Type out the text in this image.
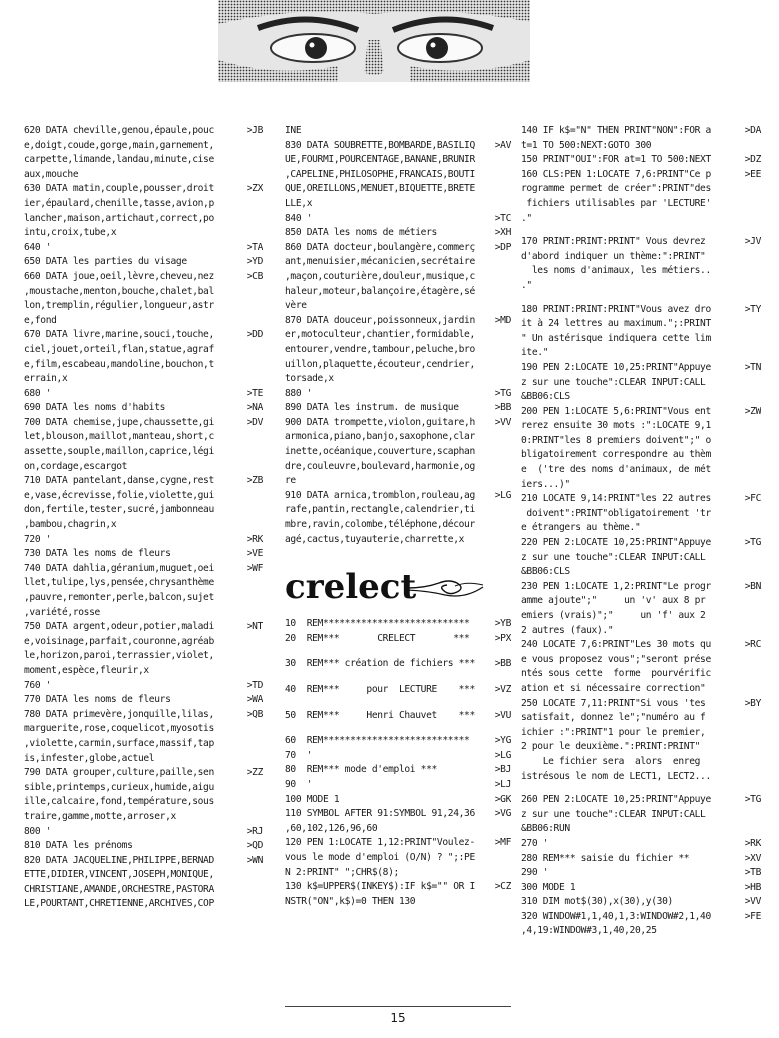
620 DATA cheville,genou,épaule,pouc	>JB
e,doigt,coude,gorge,main,garnement,
carpette,limande,landau,minute,cise
aux,mouche
630 DATA matin,couple,pousser,droit	>ZX
ier,épaulard,chenille,tasse,avion,p
lancher,maison,artichaut,correct,po
intu,croix,tube,x
640 '	>TA
650 DATA les parties du visage	>YD
660 DATA joue,oeil,lèvre,cheveu,nez	>CB
,moustache,menton,bouche,chalet,bal
lon,tremplin,régulier,longueur,astr
e,fond
670 DATA livre,marine,souci,touche,	>DD
ciel,jouet,orteil,flan,statue,agraf
e,film,escabeau,mandoline,bouchon,t
errain,x
680 '	>TE
690 DATA les noms d'habits	>NA
700 DATA chemise,jupe,chaussette,gi	>DV
let,blouson,maillot,manteau,short,c
assette,souple,maillon,caprice,légi
on,cordage,escargot
710 DATA pantelant,danse,cygne,rest	>ZB
e,vase,écrevisse,folie,violette,gui
don,fertile,tester,sucré,jambonneau
,bambou,chagrin,x
720 '	>RK
730 DATA les noms de fleurs	>VE
740 DATA dahlia,géranium,muguet,oei	>WF
llet,tulipe,lys,pensée,chrysanthème
,pauvre,remonter,perle,balcon,sujet
,variété,rosse
750 DATA argent,odeur,potier,maladi	>NT
e,voisinage,parfait,couronne,agréab
le,horizon,paroi,terrassier,violet,
moment,espèce,fleurir,x
760 '	>TD
770 DATA les noms de fleurs	>WA
780 DATA primevère,jonquille,lilas,	>QB
marguerite,rose,coquelicot,myosotis
,violette,carmin,surface,massif,tap
is,infester,globe,actuel
790 DATA grouper,culture,paille,sen	>ZZ
sible,printemps,curieux,humide,aigu
ille,calcaire,fond,température,sous
traire,gamme,motte,arroser,x
800 '	>RJ
810 DATA les prénoms	>QD
820 DATA JACQUELINE,PHILIPPE,BERNAD	>WN
ETTE,DIDIER,VINCENT,JOSEPH,MONIQUE,
CHRISTIANE,AMANDE,ORCHESTRE,PASTORA
LE,POURTANT,CHRETIENNE,ARCHIVES,COP
INE
830 DATA SOUBRETTE,BOMBARDE,BASILIQ	>AV
UE,FOURMI,POURCENTAGE,BANANE,BRUNIR
,CAPELINE,PHILOSOPHE,FRANCAIS,BOUTI
QUE,OREILLONS,MENUET,BIQUETTE,BRETE
LLE,x
840 '	>TC
850 DATA les noms de métiers	>XH
860 DATA docteur,boulangère,commerç	>DP
ant,menuisier,mécanicien,secrétaire
,maçon,couturière,douleur,musique,c
haleur,moteur,balançoire,étagère,sé
vère
870 DATA douceur,poissonneux,jardin	>MD
er,motoculteur,chantier,formidable,
entourer,vendre,tambour,peluche,bro
uillon,plaquette,écouteur,cendrier,
torsade,x
880 '	>TG
890 DATA les instrum. de musique	>BB
900 DATA trompette,violon,guitare,h	>VV
armonica,piano,banjo,saxophone,clar
inette,océanique,couverture,scaphan
dre,couleuvre,boulevard,harmonie,og
re
910 DATA arnica,tromblon,rouleau,ag	>LG
rafe,pantin,rectangle,calendrier,ti
mbre,ravin,colombe,téléphone,décour
agé,cactus,tuyauterie,charrette,x
crelect
10  REM***************************	>YB
20  REM***       CRELECT       ***	>PX
30  REM*** création de fichiers ***	>BB
40  REM***     pour  LECTURE    ***	>VZ
50  REM***     Henri Chauvet    ***	>VU
60  REM***************************	>YG
70  '	>LG
80  REM*** mode d'emploi ***	>BJ
90  '	>LJ
100 MODE 1	>GK
110 SYMBOL AFTER 91:SYMBOL 91,24,36	>VG
,60,102,126,96,60
120 PEN 1:LOCATE 1,12:PRINT"Voulez-	>MF
vous le mode d'emploi (O/N) ? ";:PE
N 2:PRINT" ";CHR$(8);
130 k$=UPPER$(INKEY$):IF k$="" OR I	>CZ
NSTR("ON",k$)=0 THEN 130
140 IF k$="N" THEN PRINT"NON":FOR a	>DA
t=1 TO 500:NEXT:GOTO 300
150 PRINT"OUI":FOR at=1 TO 500:NEXT	>DZ
160 CLS:PEN 1:LOCATE 7,6:PRINT"Ce p	>EE
rogramme permet de créer":PRINT"des
fichiers utilisables par 'LECTURE'
."
170 PRINT:PRINT:PRINT" Vous devrez	>JV
d'abord indiquer un thème:":PRINT"
les noms d'animaux, les métiers..
."
180 PRINT:PRINT:PRINT"Vous avez dro	>TY
it à 24 lettres au maximum.";:PRINT
" Un astérisque indiquera cette lim
ite."
190 PEN 2:LOCATE 10,25:PRINT"Appuye	>TN
z sur une touche":CLEAR INPUT:CALL
&BB06:CLS
200 PEN 1:LOCATE 5,6:PRINT"Vous ent	>ZW
rerez ensuite 30 mots :":LOCATE 9,1
0:PRINT"les 8 premiers doivent";" o
bligatoirement correspondre au thèm
e  ('tre des noms d'animaux, de mét
iers...)"
210 LOCATE 9,14:PRINT"les 22 autres	>FC
doivent":PRINT"obligatoirement 'tr
e étrangers au thème."
220 PEN 2:LOCATE 10,25:PRINT"Appuye	>TG
z sur une touche":CLEAR INPUT:CALL
&BB06:CLS
230 PEN 1:LOCATE 1,2:PRINT"Le progr	>BN
amme ajoute";"     un 'v' aux 8 pr
emiers (vrais)";"     un 'f' aux 2
2 autres (faux)."
240 LOCATE 7,6:PRINT"Les 30 mots qu	>RC
e vous proposez vous";"seront prése
ntés sous cette  forme  pourvérific
ation et si nécessaire correction"
250 LOCATE 7,11:PRINT"Si vous 'tes	>BY
satisfait, donnez le";"numéro au f
ichier :":PRINT"1 pour le premier,
2 pour le deuxième.":PRINT:PRINT"
Le fichier sera  alors  enreg
istrésous le nom de LECT1, LECT2...
260 PEN 2:LOCATE 10,25:PRINT"Appuye	>TG
z sur une touche":CLEAR INPUT:CALL
&BB06:RUN
270 '	>RK
280 REM*** saisie du fichier **	>XV
290 '	>TB
300 MODE 1	>HB
310 DIM mot$(30),x(30),y(30)	>VV
320 WINDOW#1,1,40,1,3:WINDOW#2,1,40	>FE
,4,19:WINDOW#3,1,40,20,25
15
